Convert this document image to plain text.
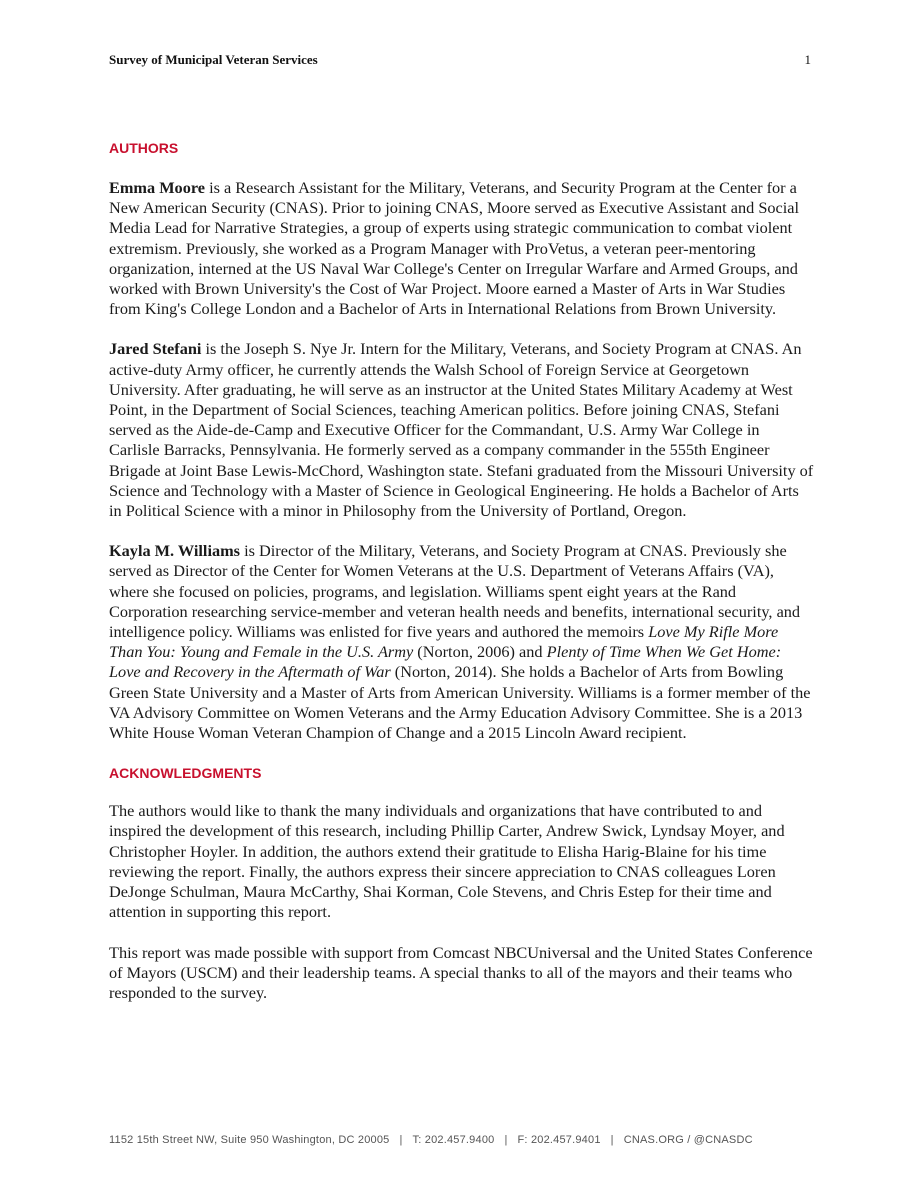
Survey of Municipal Veteran Services	1
AUTHORS

Emma Moore is a Research Assistant for the Military, Veterans, and Security Program at the Center for a New American Security (CNAS). Prior to joining CNAS, Moore served as Executive Assistant and Social Media Lead for Narrative Strategies, a group of experts using strategic communication to combat violent extremism. Previously, she worked as a Program Manager with ProVetus, a veteran peer-mentoring organization, interned at the US Naval War College's Center on Irregular Warfare and Armed Groups, and worked with Brown University's the Cost of War Project. Moore earned a Master of Arts in War Studies from King's College London and a Bachelor of Arts in International Relations from Brown University.

Jared Stefani is the Joseph S. Nye Jr. Intern for the Military, Veterans, and Society Program at CNAS. An active-duty Army officer, he currently attends the Walsh School of Foreign Service at Georgetown University. After graduating, he will serve as an instructor at the United States Military Academy at West Point, in the Department of Social Sciences, teaching American politics. Before joining CNAS, Stefani served as the Aide-de-Camp and Executive Officer for the Commandant, U.S. Army War College in Carlisle Barracks, Pennsylvania. He formerly served as a company commander in the 555th Engineer Brigade at Joint Base Lewis-McChord, Washington state. Stefani graduated from the Missouri University of Science and Technology with a Master of Science in Geological Engineering. He holds a Bachelor of Arts in Political Science with a minor in Philosophy from the University of Portland, Oregon.

Kayla M. Williams is Director of the Military, Veterans, and Society Program at CNAS. Previously she served as Director of the Center for Women Veterans at the U.S. Department of Veterans Affairs (VA), where she focused on policies, programs, and legislation. Williams spent eight years at the Rand Corporation researching service-member and veteran health needs and benefits, international security, and intelligence policy. Williams was enlisted for five years and authored the memoirs Love My Rifle More Than You: Young and Female in the U.S. Army (Norton, 2006) and Plenty of Time When We Get Home: Love and Recovery in the Aftermath of War (Norton, 2014). She holds a Bachelor of Arts from Bowling Green State University and a Master of Arts from American University. Williams is a former member of the VA Advisory Committee on Women Veterans and the Army Education Advisory Committee. She is a 2013 White House Woman Veteran Champion of Change and a 2015 Lincoln Award recipient.

ACKNOWLEDGMENTS

The authors would like to thank the many individuals and organizations that have contributed to and inspired the development of this research, including Phillip Carter, Andrew Swick, Lyndsay Moyer, and Christopher Hoyler. In addition, the authors extend their gratitude to Elisha Harig-Blaine for his time reviewing the report. Finally, the authors express their sincere appreciation to CNAS colleagues Loren DeJonge Schulman, Maura McCarthy, Shai Korman, Cole Stevens, and Chris Estep for their time and attention in supporting this report.

This report was made possible with support from Comcast NBCUniversal and the United States Conference of Mayors (USCM) and their leadership teams. A special thanks to all of the mayors and their teams who responded to the survey.

1152 15th Street NW, Suite 950 Washington, DC 20005 | T: 202.457.9400 | F: 202.457.9401 | CNAS.ORG / @CNASDC
